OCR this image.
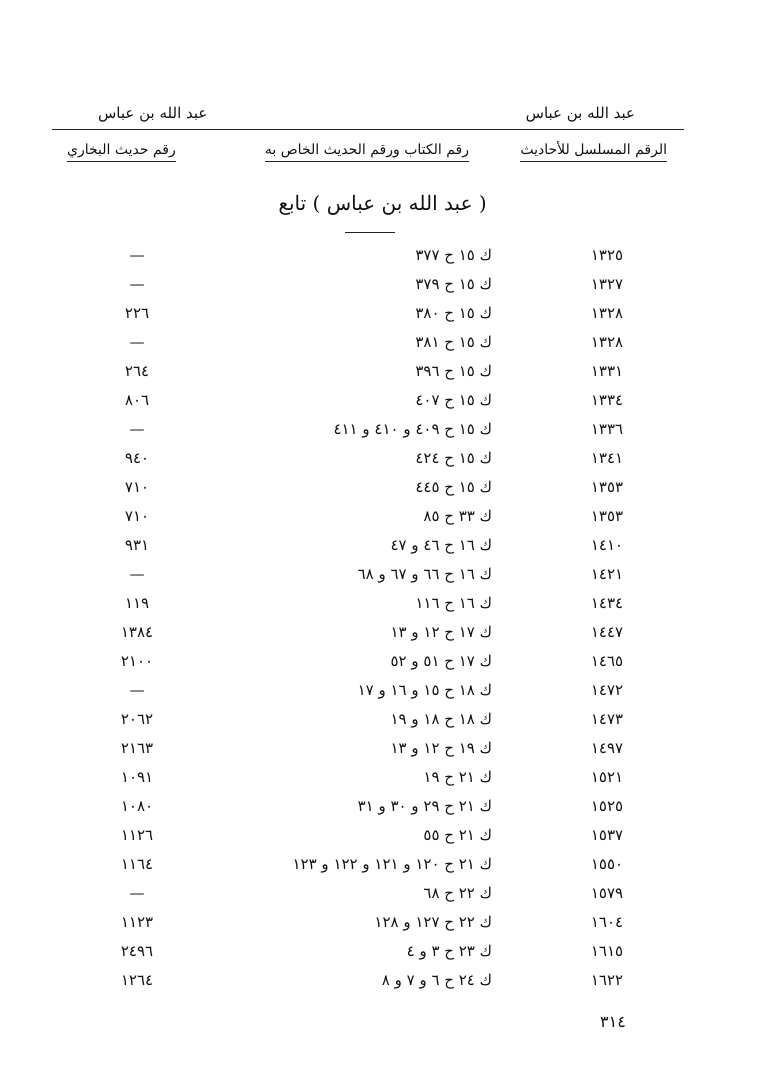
عبد الله بن عباس
عبد الله بن عباس
الرقم المسلسل للأحاديث
رقم الكتاب ورقم الحديث الخاص به
رقم حديث البخاري
( عبد الله بن عباس ) تابع
١٣٢٥
ك ١٥ ح ٣٧٧
—
١٣٢٧
ك ١٥ ح ٣٧٩
—
١٣٢٨
ك ١٥ ح ٣٨٠
٢٢٦
١٣٢٨
ك ١٥ ح ٣٨١
—
١٣٣١
ك ١٥ ح ٣٩٦
٢٦٤
١٣٣٤
ك ١٥ ح ٤٠٧
٨٠٦
١٣٣٦
ك ١٥ ح ٤٠٩ و ٤١٠ و ٤١١
—
١٣٤١
ك ١٥ ح ٤٢٤
٩٤٠
١٣٥٣
ك ١٥ ح ٤٤٥
٧١٠
١٣٥٣
ك ٣٣ ح ٨٥
٧١٠
١٤١٠
ك ١٦ ح ٤٦ و ٤٧
٩٣١
١٤٢١
ك ١٦ ح ٦٦ و ٦٧ و ٦٨
—
١٤٣٤
ك ١٦ ح ١١٦
١١٩
١٤٤٧
ك ١٧ ح ١٢ و ١٣
١٣٨٤
١٤٦٥
ك ١٧ ح ٥١ و ٥٢
٢١٠٠
١٤٧٢
ك ١٨ ح ١٥ و ١٦ و ١٧
—
١٤٧٣
ك ١٨ ح ١٨ و ١٩
٢٠٦٢
١٤٩٧
ك ١٩ ح ١٢ و ١٣
٢١٦٣
١٥٢١
ك ٢١ ح ١٩
١٠٩١
١٥٢٥
ك ٢١ ح ٢٩ و ٣٠ و ٣١
١٠٨٠
١٥٣٧
ك ٢١ ح ٥٥
١١٢٦
١٥٥٠
ك ٢١ ح ١٢٠ و ١٢١ و ١٢٢ و ١٢٣
١١٦٤
١٥٧٩
ك ٢٢ ح ٦٨
—
١٦٠٤
ك ٢٢ ح ١٢٧ و ١٢٨
١١٢٣
١٦١٥
ك ٢٣ ح ٣ و ٤
٢٤٩٦
١٦٢٢
ك ٢٤ ح ٦ و ٧ و ٨
١٢٦٤
٣١٤
